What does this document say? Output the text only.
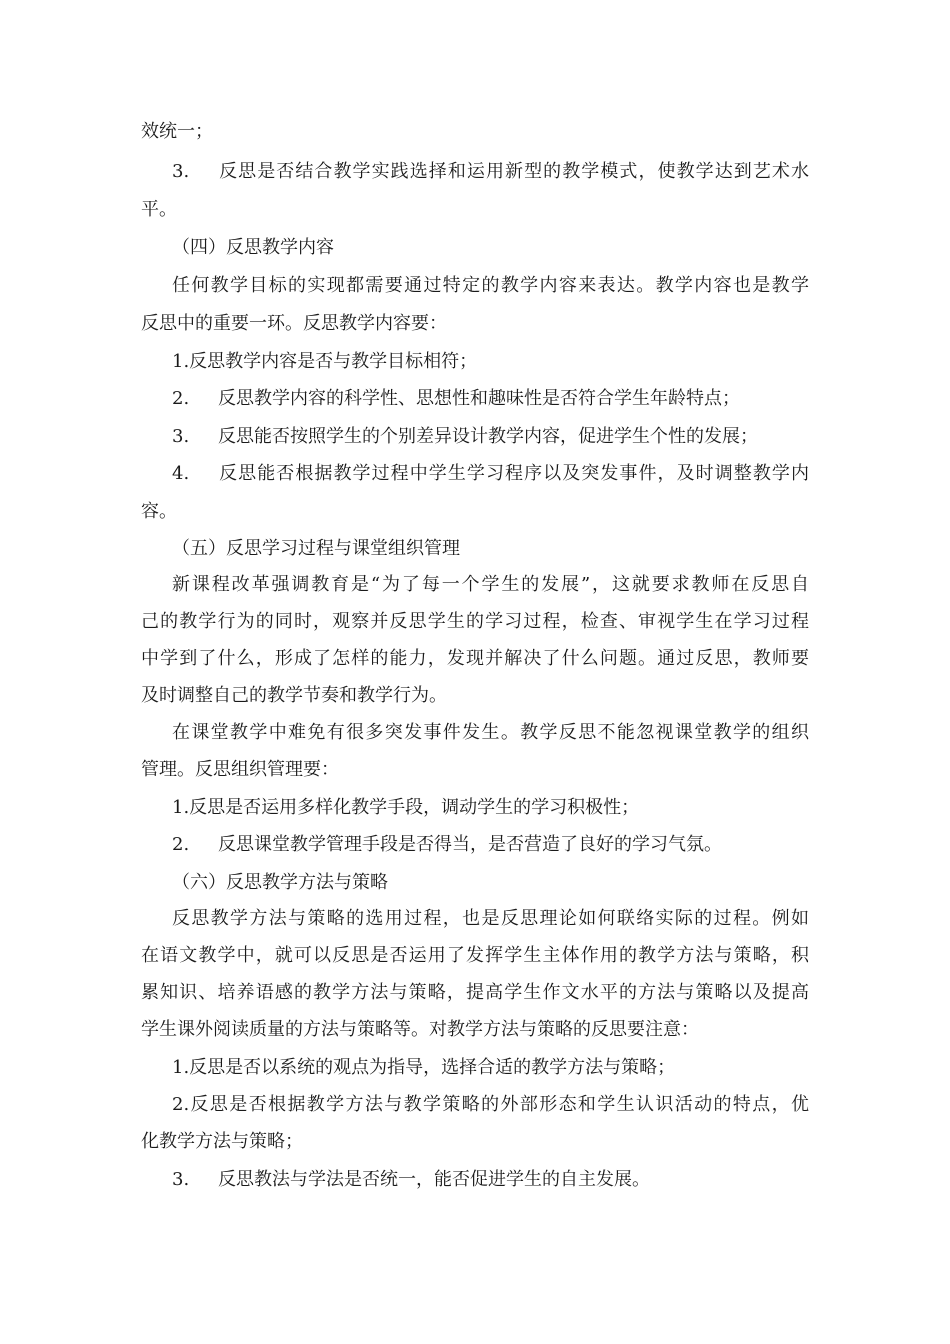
效统一；
3. 反思是否结合教学实践选择和运用新型的教学模式，使教学达到艺术水
平。
（四）反思教学内容
任何教学目标的实现都需要通过特定的教学内容来表达。教学内容也是教学
反思中的重要一环。反思教学内容要：
1.反思教学内容是否与教学目标相符；
2. 反思教学内容的科学性、思想性和趣味性是否符合学生年龄特点；
3. 反思能否按照学生的个别差异设计教学内容，促进学生个性的发展；
4. 反思能否根据教学过程中学生学习程序以及突发事件，及时调整教学内
容。
（五）反思学习过程与课堂组织管理
新课程改革强调教育是“为了每一个学生的发展”，这就要求教师在反思自
己的教学行为的同时，观察并反思学生的学习过程，检查、审视学生在学习过程
中学到了什么，形成了怎样的能力，发现并解决了什么问题。通过反思，教师要
及时调整自己的教学节奏和教学行为。
在课堂教学中难免有很多突发事件发生。教学反思不能忽视课堂教学的组织
管理。反思组织管理要：
1.反思是否运用多样化教学手段，调动学生的学习积极性；
2. 反思课堂教学管理手段是否得当，是否营造了良好的学习气氛。
（六）反思教学方法与策略
反思教学方法与策略的选用过程，也是反思理论如何联络实际的过程。例如
在语文教学中，就可以反思是否运用了发挥学生主体作用的教学方法与策略，积
累知识、培养语感的教学方法与策略，提高学生作文水平的方法与策略以及提高
学生课外阅读质量的方法与策略等。对教学方法与策略的反思要注意：
1.反思是否以系统的观点为指导，选择合适的教学方法与策略；
2.反思是否根据教学方法与教学策略的外部形态和学生认识活动的特点，优
化教学方法与策略；
3. 反思教法与学法是否统一，能否促进学生的自主发展。
